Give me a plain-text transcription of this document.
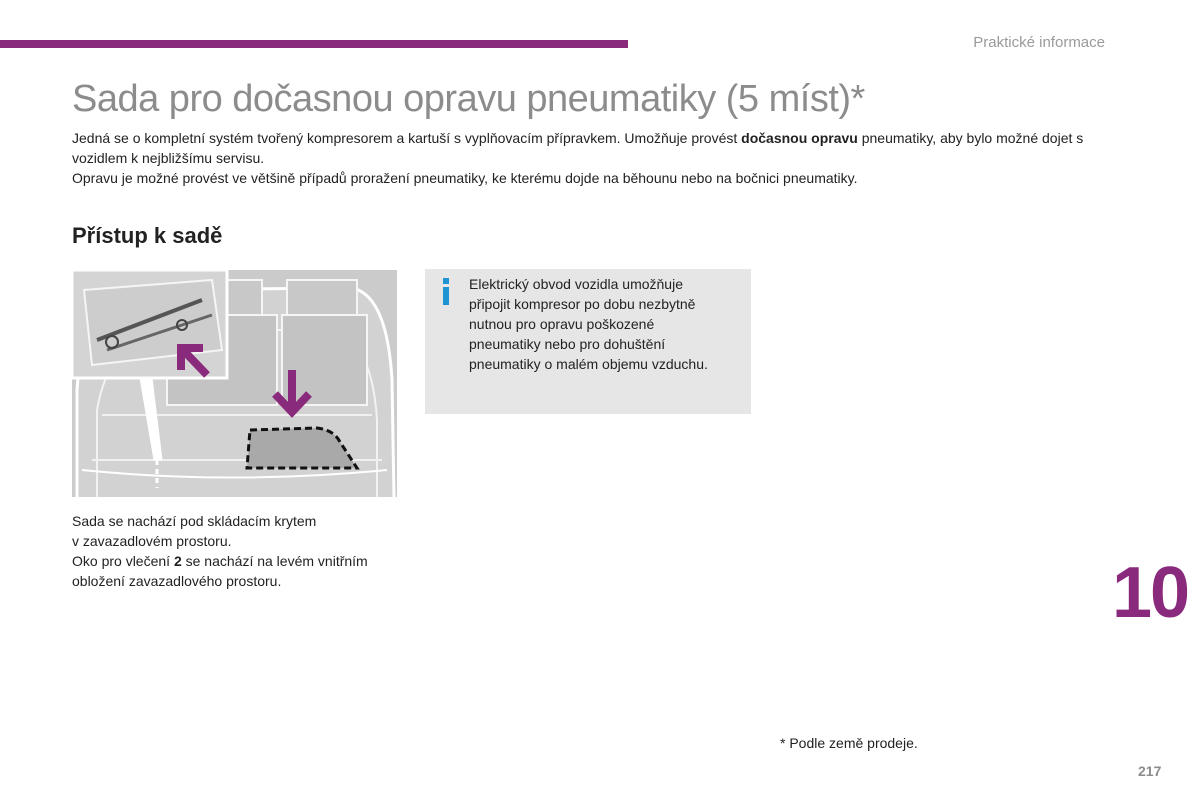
Praktické informace
Sada pro dočasnou opravu pneumatiky (5 míst)*

Jedná se o kompletní systém tvořený kompresorem a kartuší s vyplňovacím přípravkem. Umožňuje provést dočasnou opravu pneumatiky, aby bylo možné dojet s vozidlem k nejbližšímu servisu.

Opravu je možné provést ve většině případů proražení pneumatiky, ke kterému dojde na běhounu nebo na bočnici pneumatiky.

Přístup k sadě

Sada se nachází pod skládacím krytem

v zavazadlovém prostoru.

Oko pro vlečení 2 se nachází na levém vnitřním

obložení zavazadlového prostoru.

Elektrický obvod vozidla umožňuje
připojit kompresor po dobu nezbytně
nutnou pro opravu poškozené
pneumatiky nebo pro dohuštění
pneumatiky o malém objemu vzduchu.
10
* Podle země prodeje.
217
